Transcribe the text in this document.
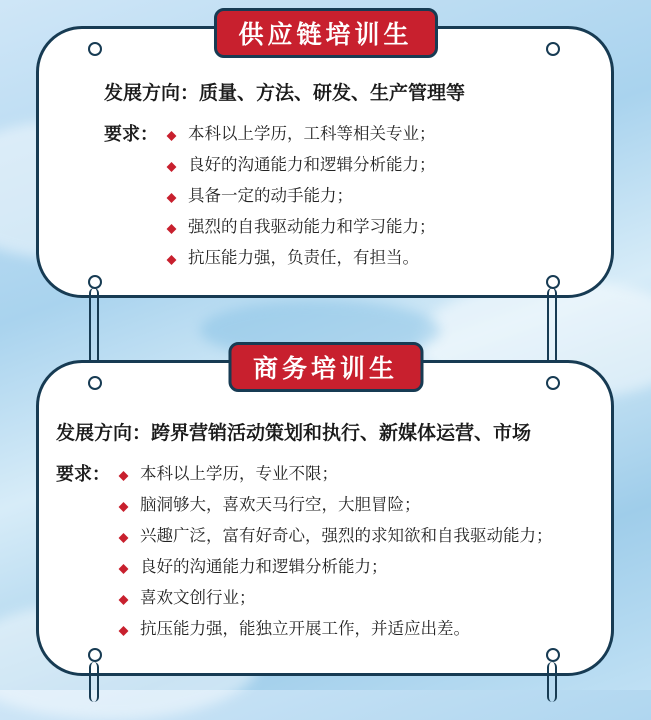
供应链培训生
发展方向：质量、方法、研发、生产管理等
要求：	本科以上学历，工科等相关专业；
良好的沟通能力和逻辑分析能力；
具备一定的动手能力；
强烈的自我驱动能力和学习能力；
抗压能力强，负责任，有担当。
商务培训生
发展方向：跨界营销活动策划和执行、新媒体运营、市场
要求：	本科以上学历，专业不限；
脑洞够大，喜欢天马行空，大胆冒险；
兴趣广泛，富有好奇心，强烈的求知欲和自我驱动能力；
良好的沟通能力和逻辑分析能力；
喜欢文创行业；
抗压能力强，能独立开展工作，并适应出差。
